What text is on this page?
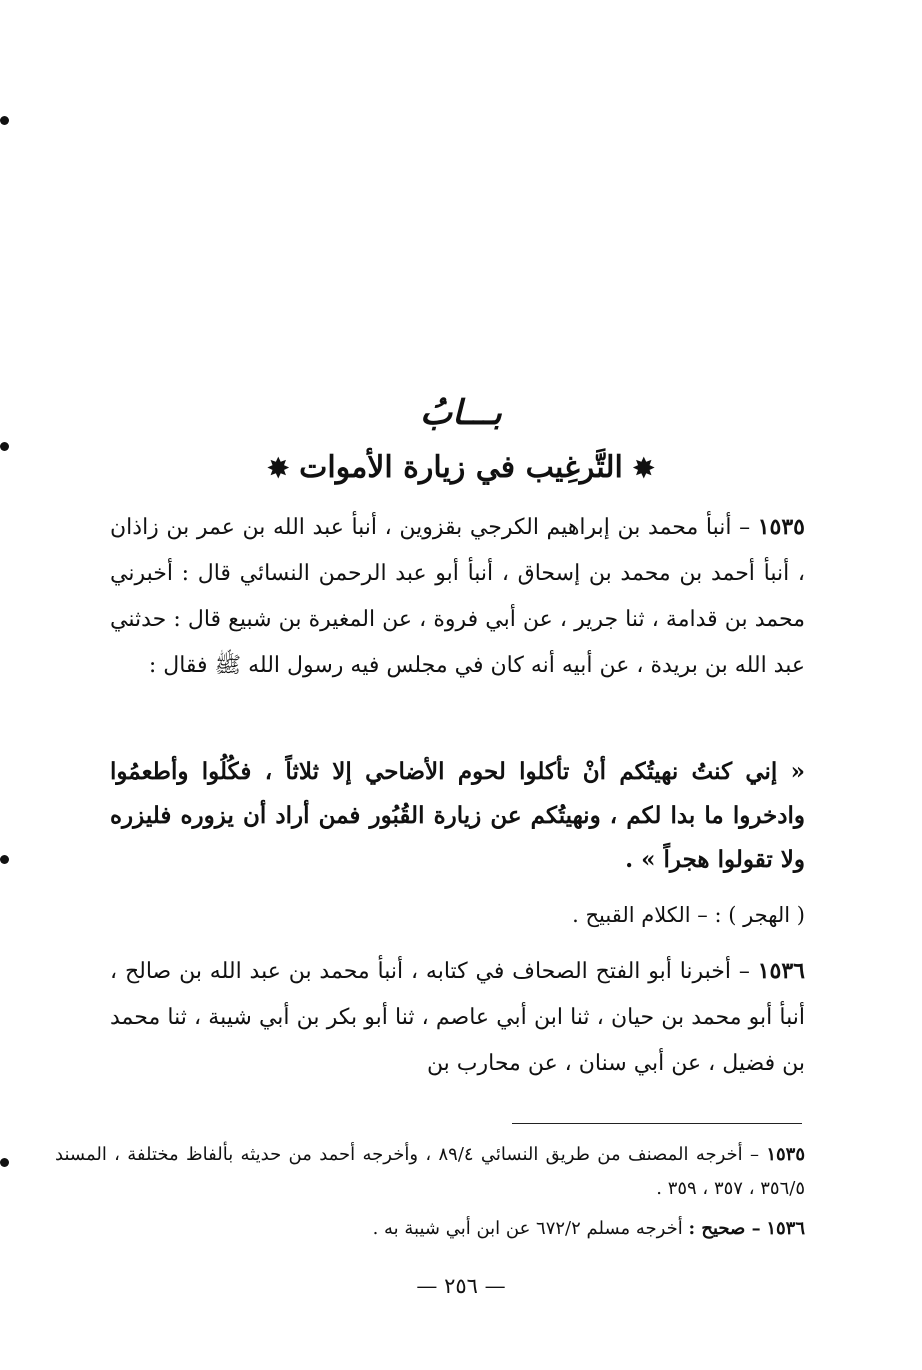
بـــابُ
✸التَّرغِيب في زيارة الأموات✸
١٥٣٥ – أنبأ محمد بن إبراهيم الكرجي بقزوين ، أنبأ عبد الله بن عمر بن زاذان ، أنبأ أحمد بن محمد بن إسحاق ، أنبأ أبو عبد الرحمن النسائي قال : أخبرني محمد بن قدامة ، ثنا جرير ، عن أبي فروة ، عن المغيرة بن شبيع قال : حدثني عبد الله بن بريدة ، عن أبيه أنه كان في مجلس فيه رسول الله ﷺ فقال :
« إني كنتُ نهيتُكم أنْ تأكلوا لحوم الأضاحي إلا ثلاثاً ، فكُلُوا وأطعمُوا وادخروا ما بدا لكم ، ونهيتُكم عن زيارة القُبُور فمن أراد أن يزوره فليزره ولا تقولوا هجراً » .
( الهجر ) : – الكلام القبيح .
١٥٣٦ – أخبرنا أبو الفتح الصحاف في كتابه ، أنبأ محمد بن عبد الله بن صالح ، أنبأ أبو محمد بن حيان ، ثنا ابن أبي عاصم ، ثنا أبو بكر بن أبي شيبة ، ثنا محمد بن فضيل ، عن أبي سنان ، عن محارب بن
١٥٣٥ – أخرجه المصنف من طريق النسائي ٨٩/٤ ، وأخرجه أحمد من حديثه بألفاظ مختلفة ، المسند ٣٥٦/٥ ، ٣٥٧ ، ٣٥٩ .
١٥٣٦ – صحيح : أخرجه مسلم ٦٧٢/٢ عن ابن أبي شيبة به .
— ٢٥٦ —
